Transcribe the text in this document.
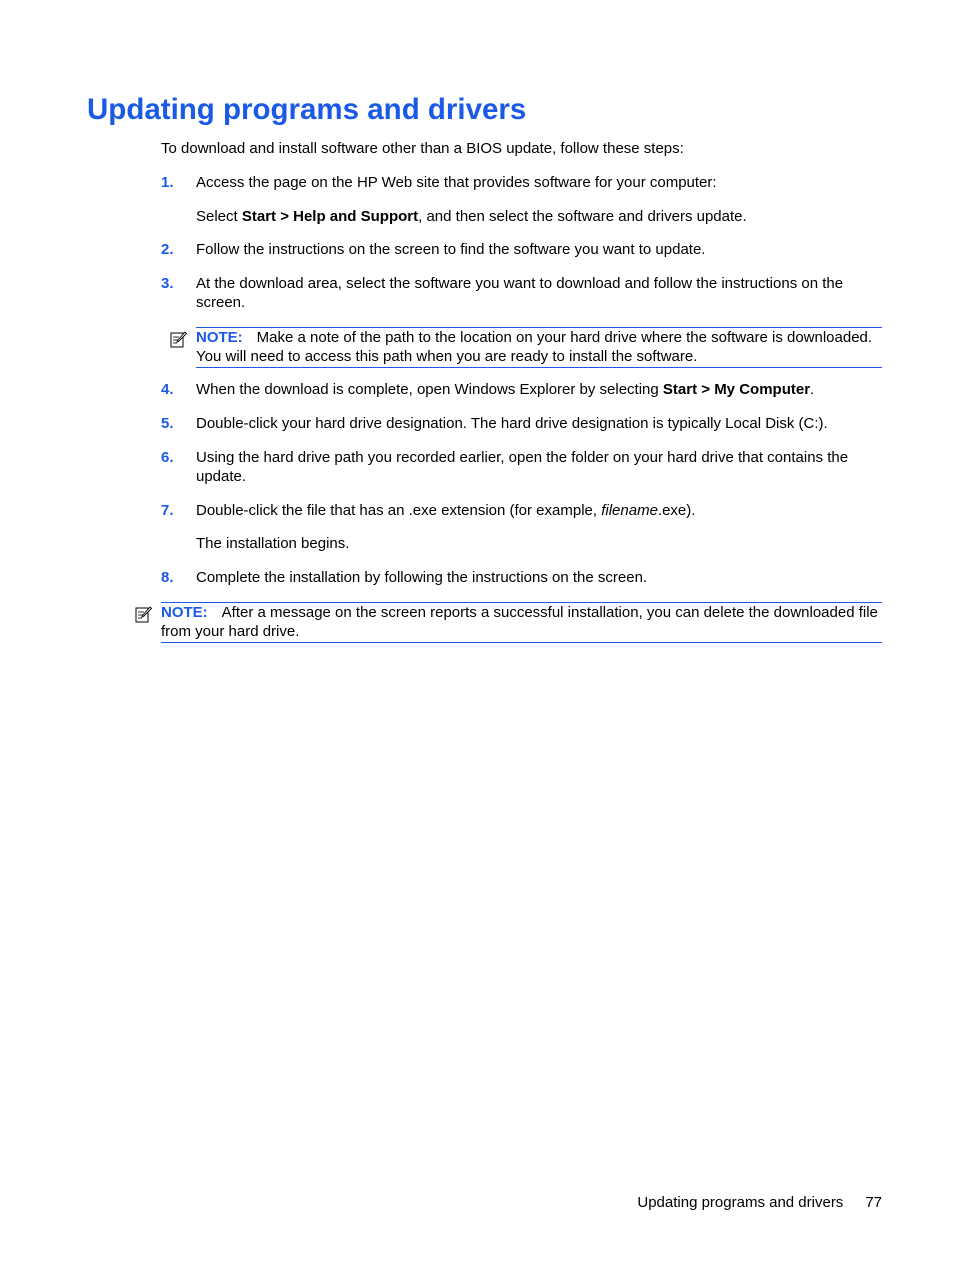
Updating programs and drivers

To download and install software other than a BIOS update, follow these steps:

1.	Access the page on the HP Web site that provides software for your computer:

Select Start > Help and Support, and then select the software and drivers update.

2.	Follow the instructions on the screen to find the software you want to update.
3.	At the download area, select the software you want to download and follow the instructions on the screen.
NOTE: Make a note of the path to the location on your hard drive where the software is downloaded. You will need to access this path when you are ready to install the software.
4.	When the download is complete, open Windows Explorer by selecting Start > My Computer.
5.	Double-click your hard drive designation. The hard drive designation is typically Local Disk (C:).
6.	Using the hard drive path you recorded earlier, open the folder on your hard drive that contains the update.
7.	Double-click the file that has an .exe extension (for example, filename.exe).

The installation begins.

8.	Complete the installation by following the instructions on the screen.
NOTE: After a message on the screen reports a successful installation, you can delete the downloaded file from your hard drive.
Updating programs and drivers 77
